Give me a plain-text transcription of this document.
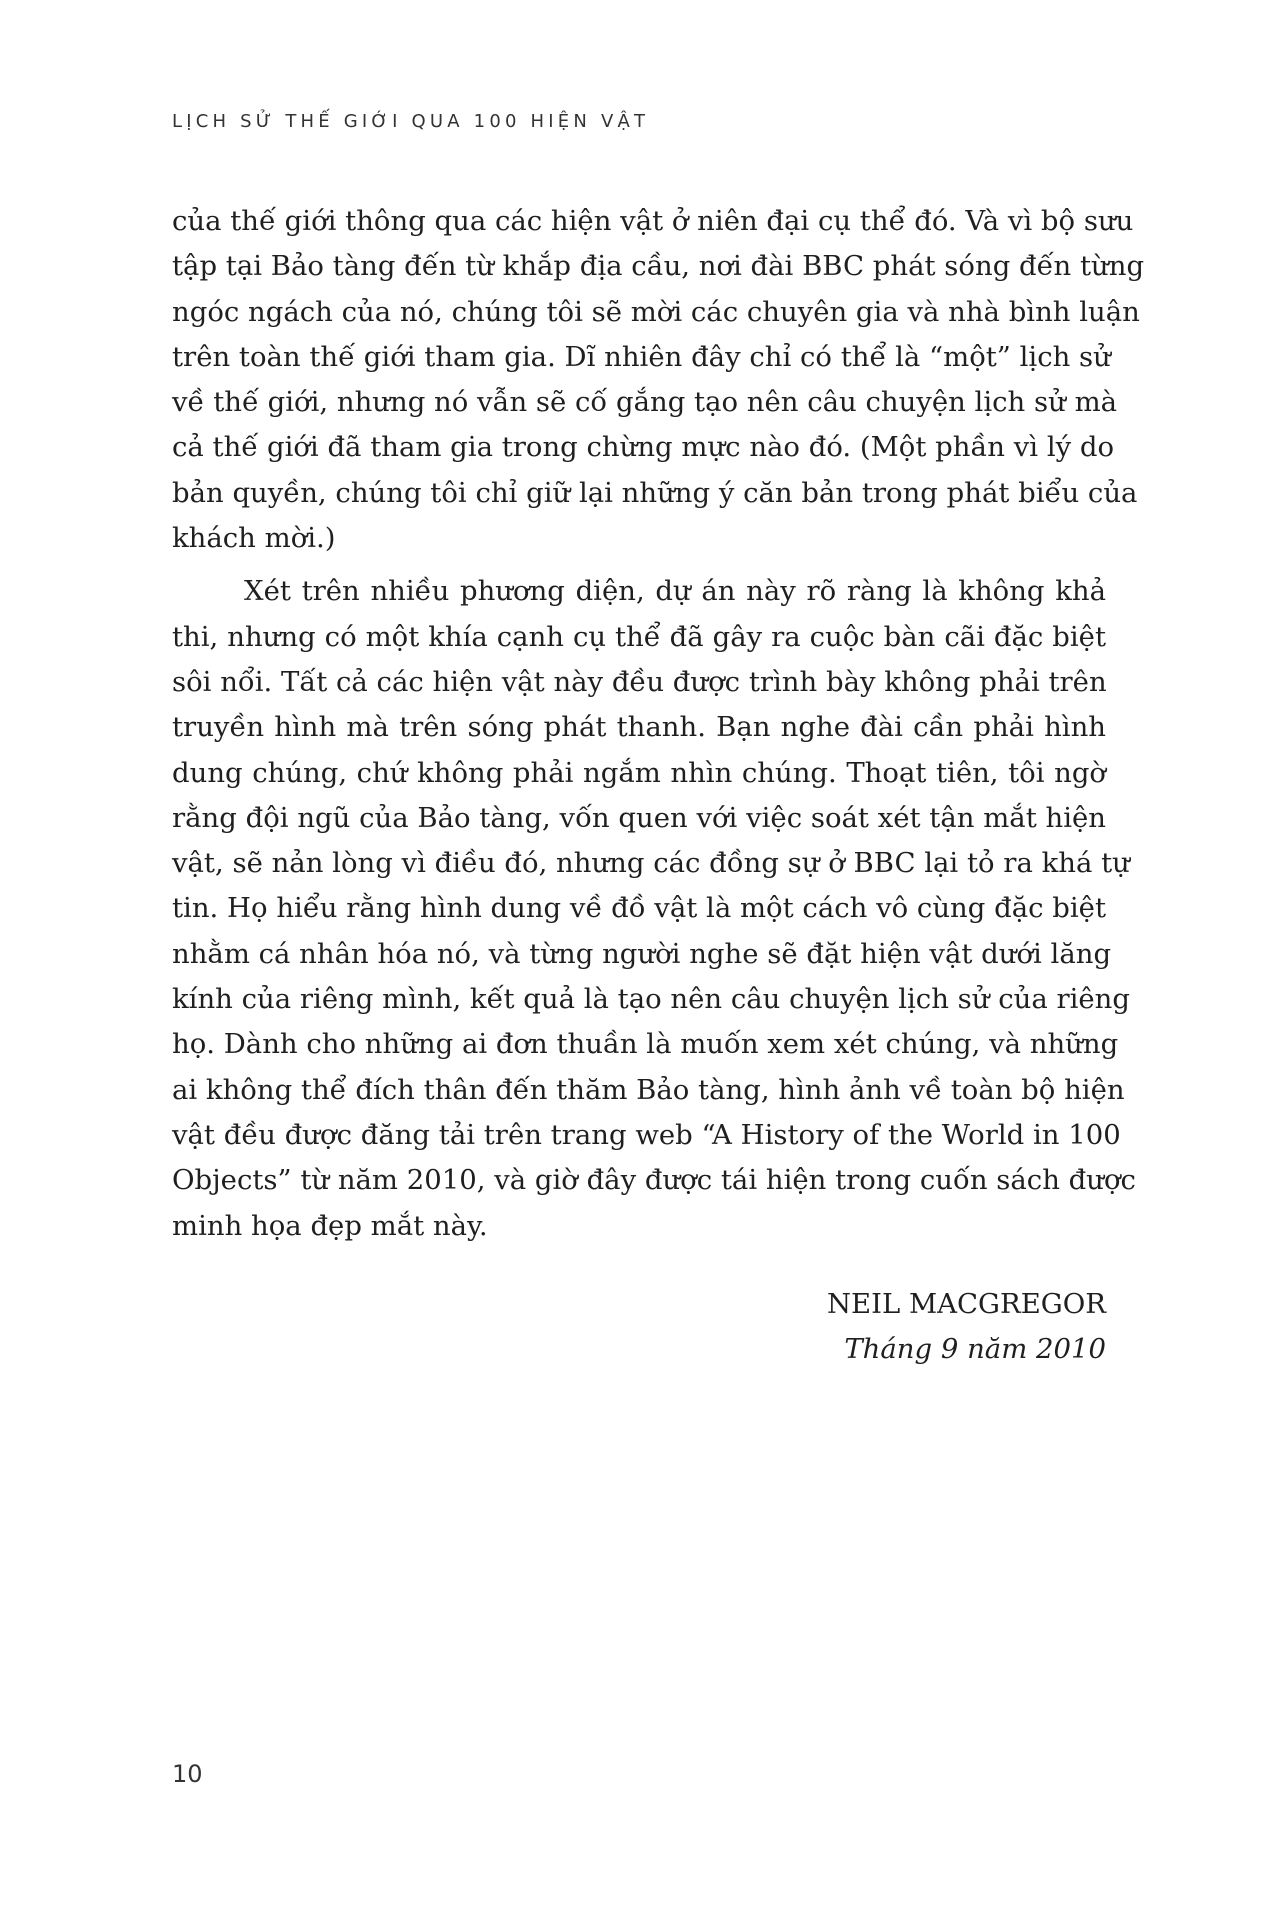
LỊCH SỬ THẾ GIỚI QUA 100 HIỆN VẬT

của thế giới thông qua các hiện vật ở niên đại cụ thể đó. Và vì bộ sưu
tập tại Bảo tàng đến từ khắp địa cầu, nơi đài BBC phát sóng đến từng
ngóc ngách của nó, chúng tôi sẽ mời các chuyên gia và nhà bình luận
trên toàn thế giới tham gia. Dĩ nhiên đây chỉ có thể là “một” lịch sử
về thế giới, nhưng nó vẫn sẽ cố gắng tạo nên câu chuyện lịch sử mà
cả thế giới đã tham gia trong chừng mực nào đó. (Một phần vì lý do
bản quyền, chúng tôi chỉ giữ lại những ý căn bản trong phát biểu của
khách mời.)

Xét trên nhiều phương diện, dự án này rõ ràng là không khả
thi, nhưng có một khía cạnh cụ thể đã gây ra cuộc bàn cãi đặc biệt
sôi nổi. Tất cả các hiện vật này đều được trình bày không phải trên
truyền hình mà trên sóng phát thanh. Bạn nghe đài cần phải hình
dung chúng, chứ không phải ngắm nhìn chúng. Thoạt tiên, tôi ngờ
rằng đội ngũ của Bảo tàng, vốn quen với việc soát xét tận mắt hiện
vật, sẽ nản lòng vì điều đó, nhưng các đồng sự ở BBC lại tỏ ra khá tự
tin. Họ hiểu rằng hình dung về đồ vật là một cách vô cùng đặc biệt
nhằm cá nhân hóa nó, và từng người nghe sẽ đặt hiện vật dưới lăng
kính của riêng mình, kết quả là tạo nên câu chuyện lịch sử của riêng
họ. Dành cho những ai đơn thuần là muốn xem xét chúng, và những
ai không thể đích thân đến thăm Bảo tàng, hình ảnh về toàn bộ hiện
vật đều được đăng tải trên trang web “A History of the World in 100
Objects” từ năm 2010, và giờ đây được tái hiện trong cuốn sách được
minh họa đẹp mắt này.

NEIL MACGREGOR
Tháng 9 năm 2010
10
